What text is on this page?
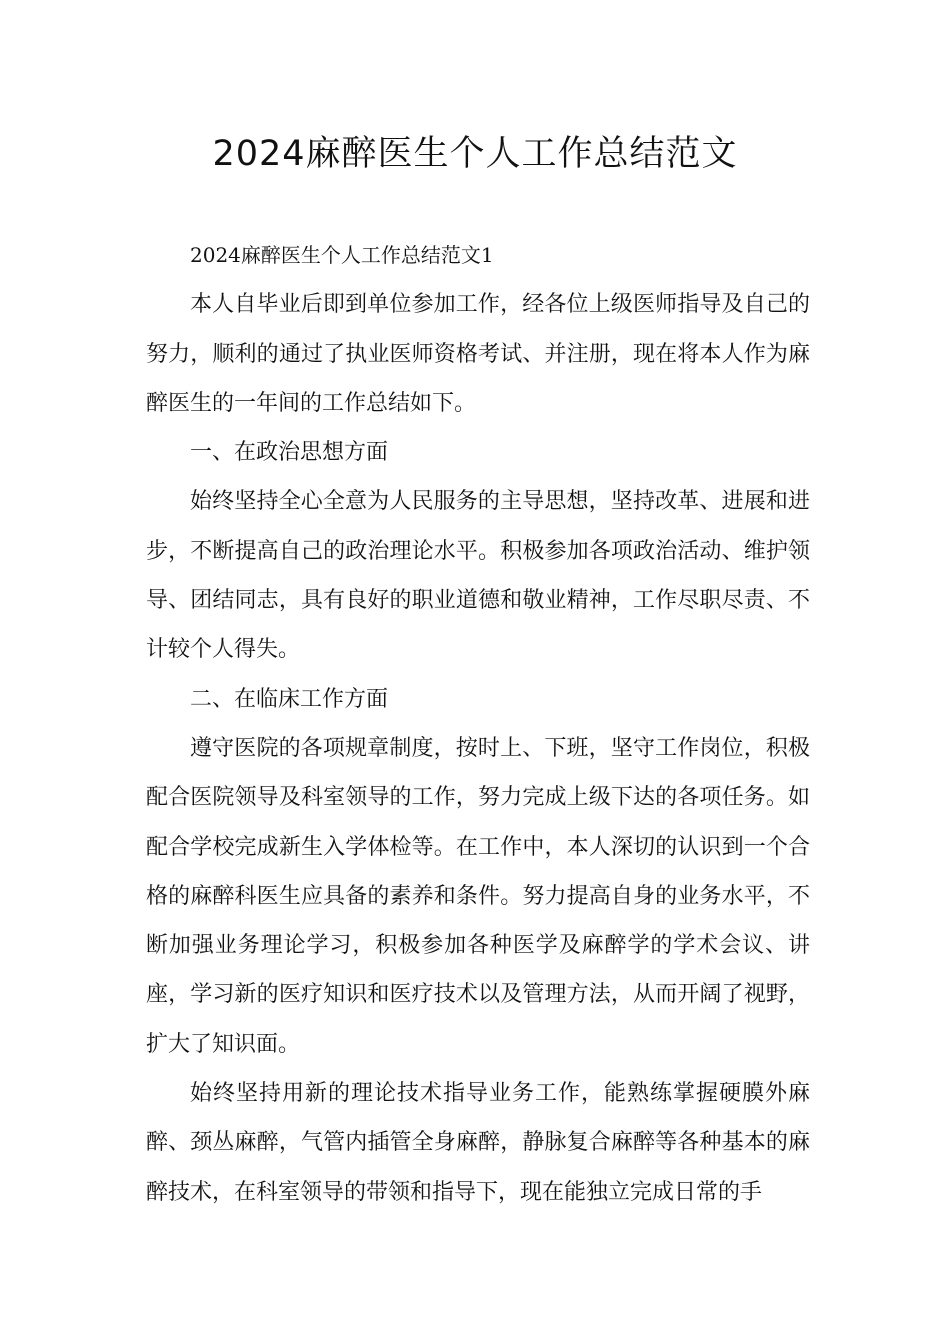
2024麻醉医生个人工作总结范文

2024麻醉医生个人工作总结范文1

本人自毕业后即到单位参加工作，经各位上级医师指导及自己的努力，顺利的通过了执业医师资格考试、并注册，现在将本人作为麻醉医生的一年间的工作总结如下。

一、在政治思想方面

始终坚持全心全意为人民服务的主导思想，坚持改革、进展和进步，不断提高自己的政治理论水平。积极参加各项政治活动、维护领导、团结同志，具有良好的职业道德和敬业精神，工作尽职尽责、不计较个人得失。

二、在临床工作方面

遵守医院的各项规章制度，按时上、下班，坚守工作岗位，积极配合医院领导及科室领导的工作，努力完成上级下达的各项任务。如配合学校完成新生入学体检等。在工作中，本人深切的认识到一个合格的麻醉科医生应具备的素养和条件。努力提高自身的业务水平，不断加强业务理论学习，积极参加各种医学及麻醉学的学术会议、讲座，学习新的医疗知识和医疗技术以及管理方法，从而开阔了视野，扩大了知识面。

始终坚持用新的理论技术指导业务工作，能熟练掌握硬膜外麻醉、颈丛麻醉，气管内插管全身麻醉，静脉复合麻醉等各种基本的麻醉技术，在科室领导的带领和指导下，现在能独立完成日常的手
